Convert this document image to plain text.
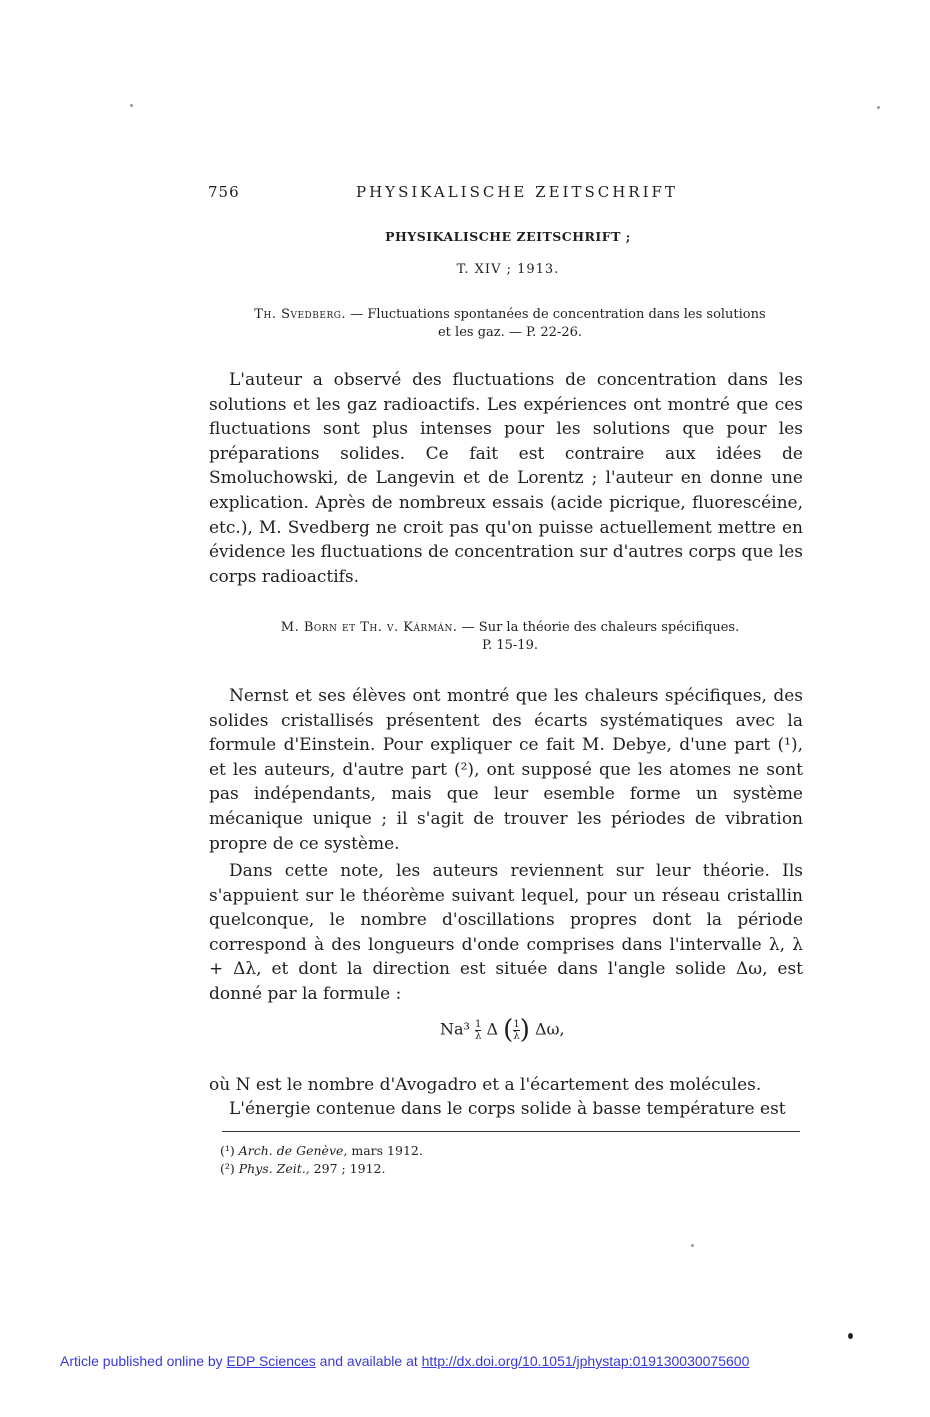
756	PHYSIKALISCHE ZEITSCHRIFT
PHYSIKALISCHE ZEITSCHRIFT ;
T. XIV ; 1913.
Th. Svedberg. — Fluctuations spontanées de concentration dans les solutions
et les gaz. — P. 22-26.

L'auteur a observé des fluctuations de concentration dans les solutions et les gaz radioactifs. Les expériences ont montré que ces fluctuations sont plus intenses pour les solutions que pour les préparations solides. Ce fait est contraire aux idées de Smoluchowski, de Langevin et de Lorentz ; l'auteur en donne une explication. Après de nombreux essais (acide picrique, fluorescéine, etc.), M. Svedberg ne croit pas qu'on puisse actuellement mettre en évidence les fluctuations de concentration sur d'autres corps que les corps radioactifs.

M. Born et Th. v. Kármán. — Sur la théorie des chaleurs spécifiques.
P. 15-19.

Nernst et ses élèves ont montré que les chaleurs spécifiques, des solides cristallisés présentent des écarts systématiques avec la formule d'Einstein. Pour expliquer ce fait M. Debye, d'une part (¹), et les auteurs, d'autre part (²), ont supposé que les atomes ne sont pas indépendants, mais que leur esemble forme un système mécanique unique ; il s'agit de trouver les périodes de vibration propre de ce système.

Dans cette note, les auteurs reviennent sur leur théorie. Ils s'appuient sur le théorème suivant lequel, pour un réseau cristallin quelconque, le nombre d'oscillations propres dont la période correspond à des longueurs d'onde comprises dans l'intervalle λ, λ + Δλ, et dont la direction est située dans l'angle solide Δω, est donné par la formule :

$Na^3 \frac{1}{\lambda}$ Δ ( $\frac{1}{\lambda}$ ) Δω,

où N est le nombre d'Avogadro et a l'écartement des molécules.

L'énergie contenue dans le corps solide à basse température est

(¹) Arch. de Genève, mars 1912.
(²) Phys. Zeit., 297 ; 1912.
Article published online by EDP Sciences and available at http://dx.doi.org/10.1051/jphystap:019130030075600
